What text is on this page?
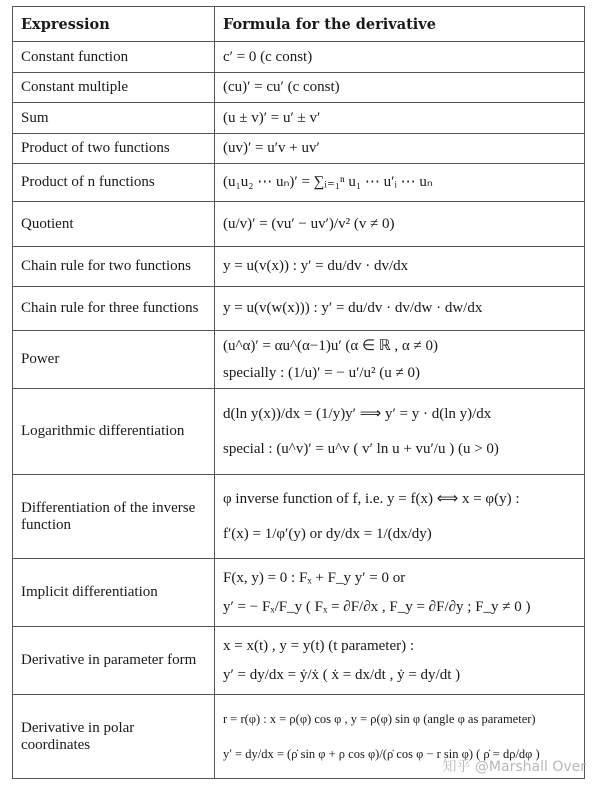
Expression	Formula for the derivative
Constant function	c′ = 0 (c const)

Constant multiple	(cu)′ = cu′ (c const)

Sum	(u ± v)′ = u′ ± v′

Product of two functions	(uv)′ = u′v + uv′

Product of n functions	(u₁u₂ ⋯ uₙ)′ = ∑ᵢ₌₁ⁿ u₁ ⋯ u′ᵢ ⋯ uₙ

Quotient	(u/v)′ = (vu′ − uv′)/v² (v ≠ 0)

Chain rule for two functions	y = u(v(x)) : y′ = du/dv · dv/dx

Chain rule for three functions	y = u(v(w(x))) : y′ = du/dv · dv/dw · dw/dx

Power	(u^α)′ = αu^(α−1)u′ (α ∈ ℝ , α ≠ 0)
specially : (1/u)′ = − u′/u² (u ≠ 0)

Logarithmic differentiation	d(ln y(x))/dx = (1/y)y′ ⟹ y′ = y · d(ln y)/dx
special : (u^v)′ = u^v ( v′ ln u + vu′/u ) (u > 0)

Differentiation of the inverse function	φ inverse function of f, i.e. y = f(x) ⟺ x = φ(y) :
f′(x) = 1/φ′(y) or dy/dx = 1/(dx/dy)

Implicit differentiation	F(x, y) = 0 : Fₓ + F_y y′ = 0 or
y′ = − Fₓ/F_y ( Fₓ = ∂F/∂x , F_y = ∂F/∂y ; F_y ≠ 0 )

Derivative in parameter form	x = x(t) , y = y(t) (t parameter) :
y′ = dy/dx = ẏ/ẋ ( ẋ = dx/dt , ẏ = dy/dt )

Derivative in polar coordinates	r = r(φ) : x = ρ(φ) cos φ , y = ρ(φ) sin φ (angle φ as parameter)
y′ = dy/dx = (ρ̇ sin φ + ρ cos φ)/(ρ̇ cos φ − r sin φ) ( ρ̇ = dρ/dφ )
知乎 @Marshall Over
